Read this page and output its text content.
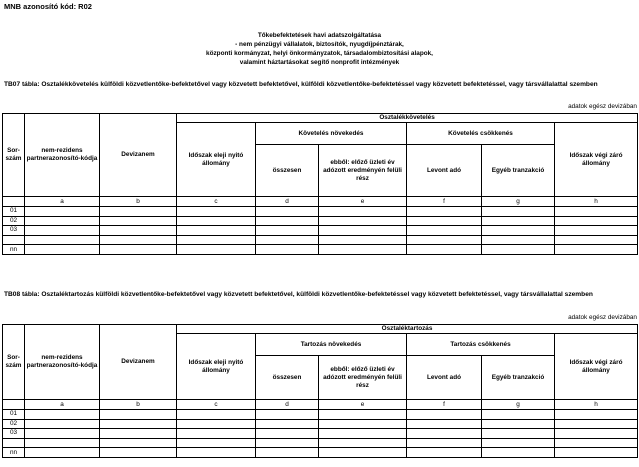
MNB azonosító kód: R02
Tőkebefektetések havi adatszolgáltatása
- nem pénzügyi vállalatok, biztosítók, nyugdíjpénztárak,
központi kormányzat, helyi önkormányzatok, társadalombiztosítási alapok,
valamint háztartásokat segítő nonprofit intézmények
TB07 tábla: Osztalékkövetelés külföldi közvetlentőke-befektetővel vagy közvetett befektetővel, külföldi közvetlentőke-befektetéssel vagy közvetett befektetéssel, vagy társvállalattal szemben
adatok egész devizában
Sor-szám	nem-rezidens partnerazonosító-kódja	Devizanem	Osztalékkövetelés					
			Időszak eleji nyitó állomány	Követelés növekedés		Követelés csökkenés		Időszak végi záró állomány
				összesen	ebből: előző üzleti év adózott eredményén felüli rész	Levont adó	Egyéb tranzakció	
	a	b	c	d	e	f	g	h
01								
02								
03								

nn								
TB08 tábla: Osztaléktartozás külföldi közvetlentőke-befektetővel vagy közvetett befektetővel, külföldi közvetlentőke-befektetéssel vagy közvetett befektetéssel, vagy társvállalattal szemben
adatok egész devizában
Sor-szám	nem-rezidens partnerazonosító-kódja	Devizanem	Osztaléktartozás					
			Időszak eleji nyitó állomány	Tartozás növekedés		Tartozás csökkenés		Időszak végi záró állomány
				összesen	ebből: előző üzleti év adózott eredményén felüli rész	Levont adó	Egyéb tranzakció	
	a	b	c	d	e	f	g	h
01								
02								
03								

nn								
